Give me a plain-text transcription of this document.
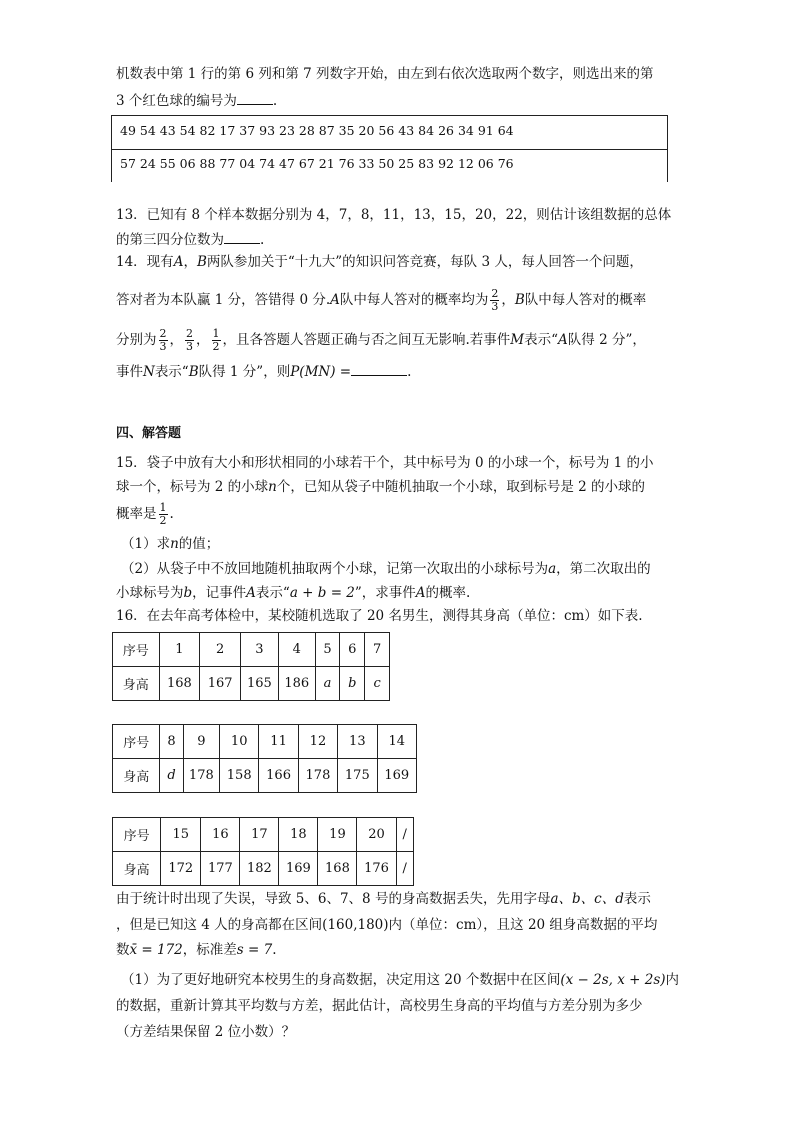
机数表中第 1 行的第 6 列和第 7 列数字开始，由左到右依次选取两个数字，则选出来的第
3 个红色球的编号为	.
49 54 43 54 82 17 37 93 23 28 87 35 20 56 43 84 26 34 91 64
57 24 55 06 88 77 04 74 47 67 21 76 33 50 25 83 92 12 06 76
13．已知有 8 个样本数据分别为 4，7，8，11，13，15，20，22，则估计该组数据的总体
的第三四分位数为	.
14．现有A，B两队参加关于“十九大”的知识问答竞赛，每队 3 人，每人回答一个问题，
答对者为本队赢 1 分，答错得 0 分.A队中每人答对的概率均为 $\frac{2}{3}$ ，B队中每人答对的概率
分别为 $\frac{2}{3}$ ， $\frac{2}{3}$ ， $\frac{1}{2}$ ，且各答题人答题正确与否之间互无影响.若事件M表示“A队得 2 分”，
事件N表示“B队得 1 分”，则P(MN) =	.
四、解答题
15．袋子中放有大小和形状相同的小球若干个，其中标号为 0 的小球一个，标号为 1 的小
球一个，标号为 2 的小球n个，已知从袋子中随机抽取一个小球，取到标号是 2 的小球的
概率是 $\frac{1}{2}$ .
（1）求n的值；
（2）从袋子中不放回地随机抽取两个小球，记第一次取出的小球标号为a，第二次取出的
小球标号为b，记事件A表示“a + b = 2”，求事件A的概率.
16．在去年高考体检中，某校随机选取了 20 名男生，测得其身高（单位：cm）如下表.
序号	1	2	3	4	5	6	7
身高	168	167	165	186	a	b	c
序号	8	9	10	11	12	13	14
身高	d	178	158	166	178	175	169
序号	15	16	17	18	19	20	/
身高	172	177	182	169	168	176	/
由于统计时出现了失误，导致 5、6、7、8 号的身高数据丢失，先用字母a、b、c、d表示
，但是已知这 4 人的身高都在区间(160,180)内（单位：cm），且这 20 组身高数据的平均
数x̄ = 172，标准差s = 7.
（1）为了更好地研究本校男生的身高数据，决定用这 20 个数据中在区间(x − 2s, x + 2s)内
的数据，重新计算其平均数与方差，据此估计，高校男生身高的平均值与方差分别为多少
（方差结果保留 2 位小数）？
